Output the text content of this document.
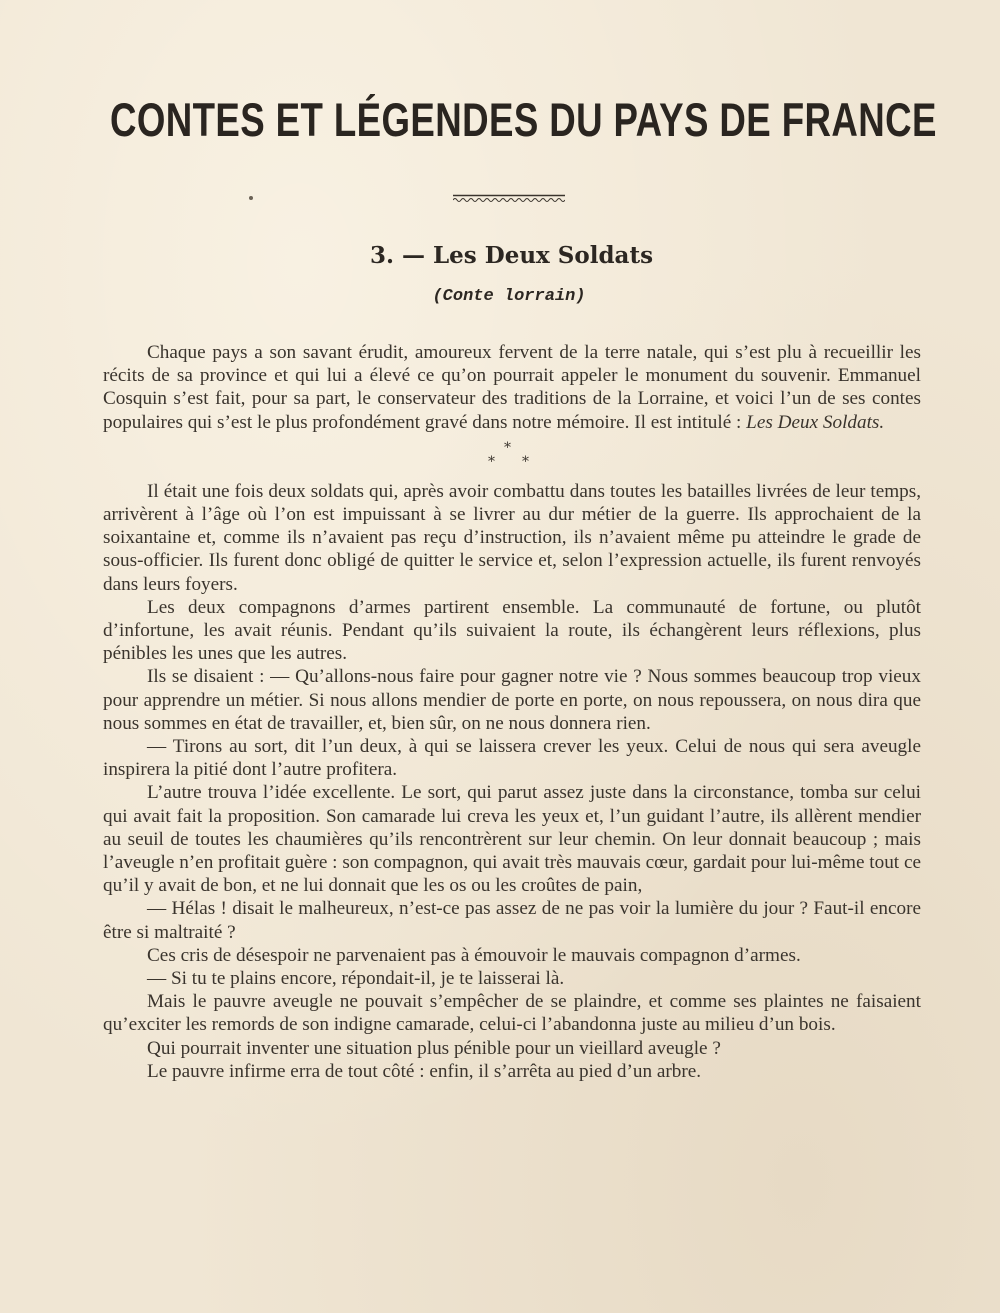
CONTES ET LÉGENDES DU PAYS DE FRANCE
3. — Les Deux Soldats
(Conte lorrain)

Chaque pays a son savant érudit, amoureux fervent de la terre natale, qui s’est plu à recueillir les récits de sa province et qui lui a élevé ce qu’on pourrait appeler le monument du souvenir. Emmanuel Cosquin s’est fait, pour sa part, le conservateur des traditions de la Lorraine, et voici l’un de ses contes populaires qui s’est le plus profondément gravé dans notre mémoire. Il est intitulé : Les Deux Soldats.

*
* *

Il était une fois deux soldats qui, après avoir combattu dans toutes les batailles livrées de leur temps, arrivèrent à l’âge où l’on est impuissant à se livrer au dur métier de la guerre. Ils approchaient de la soixantaine et, comme ils n’avaient pas reçu d’instruction, ils n’avaient même pu atteindre le grade de sous-officier. Ils furent donc obligé de quitter le service et, selon l’expression actuelle, ils furent renvoyés dans leurs foyers.

Les deux compagnons d’armes partirent ensemble. La communauté de fortune, ou plutôt d’infortune, les avait réunis. Pendant qu’ils suivaient la route, ils échangèrent leurs réflexions, plus pénibles les unes que les autres.

Ils se disaient : — Qu’allons-nous faire pour gagner notre vie ? Nous sommes beaucoup trop vieux pour apprendre un métier. Si nous allons mendier de porte en porte, on nous repoussera, on nous dira que nous sommes en état de travailler, et, bien sûr, on ne nous donnera rien.

— Tirons au sort, dit l’un deux, à qui se laissera crever les yeux. Celui de nous qui sera aveugle inspirera la pitié dont l’autre profitera.

L’autre trouva l’idée excellente. Le sort, qui parut assez juste dans la circonstance, tomba sur celui qui avait fait la proposition. Son camarade lui creva les yeux et, l’un guidant l’autre, ils allèrent mendier au seuil de toutes les chaumières qu’ils rencontrèrent sur leur chemin. On leur donnait beaucoup ; mais l’aveugle n’en profitait guère : son compagnon, qui avait très mauvais cœur, gardait pour lui-même tout ce qu’il y avait de bon, et ne lui donnait que les os ou les croûtes de pain,

— Hélas ! disait le malheureux, n’est-ce pas assez de ne pas voir la lumière du jour ? Faut-il encore être si maltraité ?

Ces cris de désespoir ne parvenaient pas à émouvoir le mauvais compagnon d’armes.

— Si tu te plains encore, répondait-il, je te laisserai là.

Mais le pauvre aveugle ne pouvait s’empêcher de se plaindre, et comme ses plaintes ne faisaient qu’exciter les remords de son indigne camarade, celui-ci l’abandonna juste au milieu d’un bois.

Qui pourrait inventer une situation plus pénible pour un vieillard aveugle ?

Le pauvre infirme erra de tout côté : enfin, il s’arrêta au pied d’un arbre.
